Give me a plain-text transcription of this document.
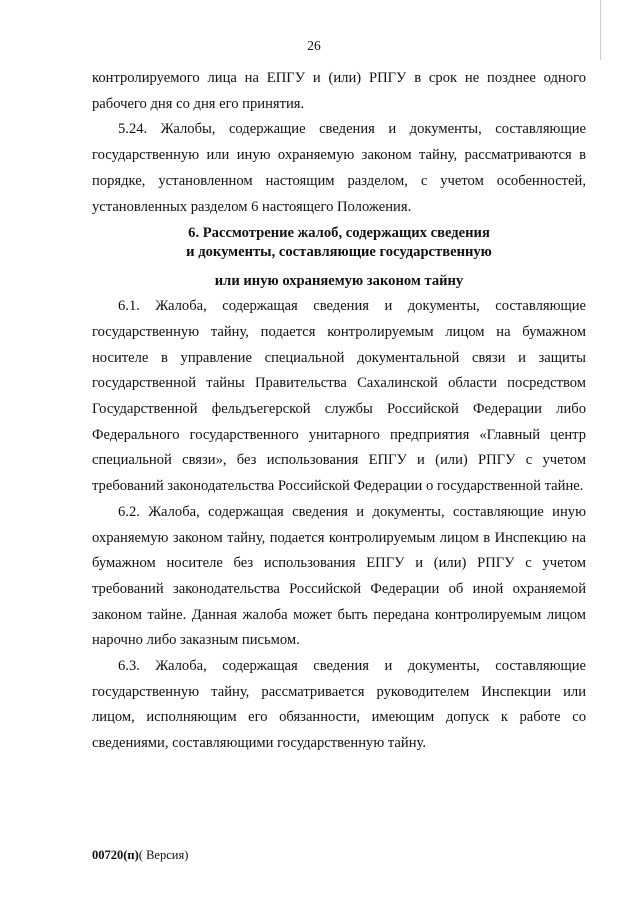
26

контролируемого лица на ЕПГУ и (или) РПГУ в срок не позднее одного рабочего дня со дня его принятия.

5.24. Жалобы, содержащие сведения и документы, составляющие государственную или иную охраняемую законом тайну, рассматриваются в порядке, установленном настоящим разделом, с учетом особенностей, установленных разделом 6 настоящего Положения.

6. Рассмотрение жалоб, содержащих сведения
и документы, составляющие государственную
или иную охраняемую законом тайну

6.1. Жалоба, содержащая сведения и документы, составляющие государственную тайну, подается контролируемым лицом на бумажном носителе в управление специальной документальной связи и защиты государственной тайны Правительства Сахалинской области посредством Государственной фельдъегерской службы Российской Федерации либо Федерального государственного унитарного предприятия «Главный центр специальной связи», без использования ЕПГУ и (или) РПГУ с учетом требований законодательства Российской Федерации о государственной тайне.

6.2. Жалоба, содержащая сведения и документы, составляющие иную охраняемую законом тайну, подается контролируемым лицом в Инспекцию на бумажном носителе без использования ЕПГУ и (или) РПГУ с учетом требований законодательства Российской Федерации об иной охраняемой законом тайне. Данная жалоба может быть передана контролируемым лицом нарочно либо заказным письмом.

6.3. Жалоба, содержащая сведения и документы, составляющие государственную тайну, рассматривается руководителем Инспекции или лицом, исполняющим его обязанности, имеющим допуск к работе со сведениями, составляющими государственную тайну.

00720(п)( Версия)
